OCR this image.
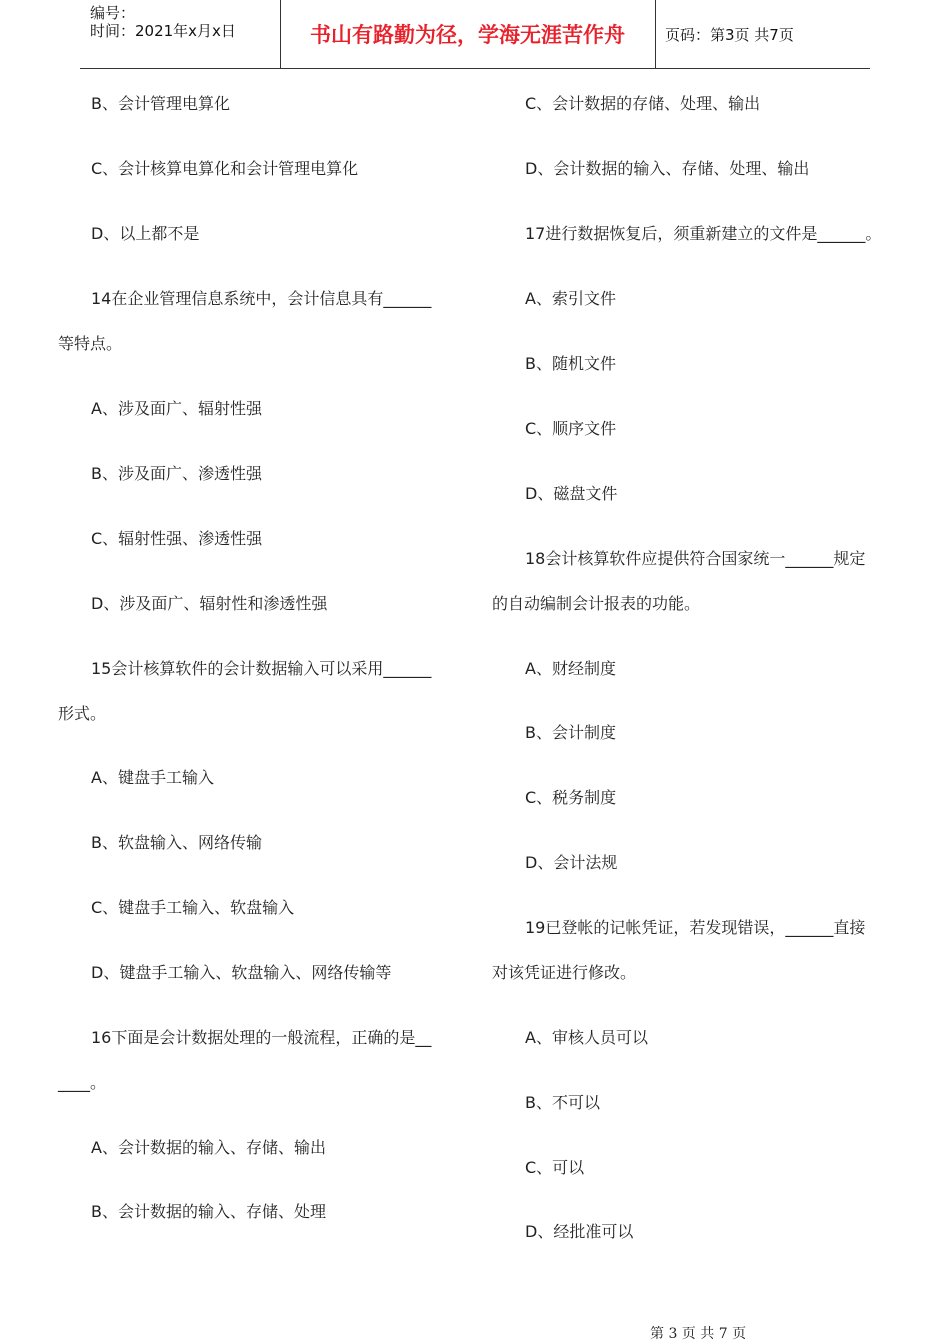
编号：
时间：2021年x月x日	书山有路勤为径，学海无涯苦作舟	页码：第3页 共7页
B、会计管理电算化
C、会计核算电算化和会计管理电算化
D、以上都不是
14在企业管理信息系统中，会计信息具有______
等特点。
A、涉及面广、辐射性强
B、涉及面广、渗透性强
C、辐射性强、渗透性强
D、涉及面广、辐射性和渗透性强
15会计核算软件的会计数据输入可以采用______
形式。
A、键盘手工输入
B、软盘输入、网络传输
C、键盘手工输入、软盘输入
D、键盘手工输入、软盘输入、网络传输等
16下面是会计数据处理的一般流程，正确的是__
____。
A、会计数据的输入、存储、输出
B、会计数据的输入、存储、处理
C、会计数据的存储、处理、输出
D、会计数据的输入、存储、处理、输出
17进行数据恢复后，须重新建立的文件是______。
A、索引文件
B、随机文件
C、顺序文件
D、磁盘文件
18会计核算软件应提供符合国家统一______规定
的自动编制会计报表的功能。
A、财经制度
B、会计制度
C、税务制度
D、会计法规
19已登帐的记帐凭证，若发现错误，______直接
对该凭证进行修改。
A、审核人员可以
B、不可以
C、可以
D、经批准可以
第 3 页 共 7 页
